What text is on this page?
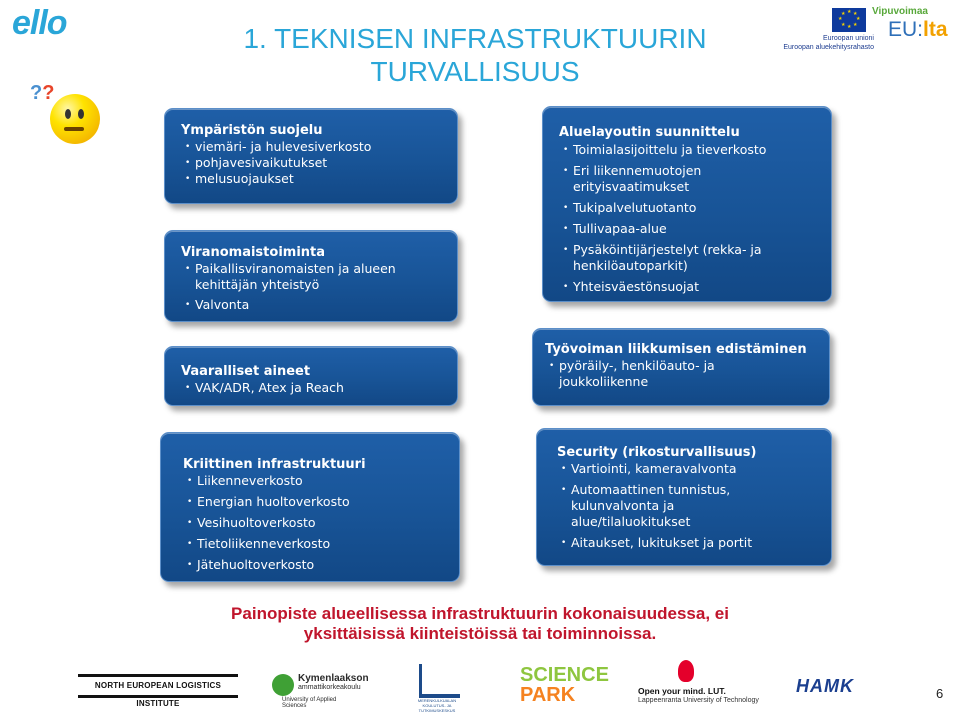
ello	1. TEKNISEN INFRASTRUKTUURIN
TURVALLISUUS
★ ★
★
★
★
★
★
★
Euroopan unioni
Euroopan aluekehitysrahasto
Vipuvoimaa
EU:lta
??
Ympäristön suojelu
• viemäri- ja hulevesiverkosto
• pohjavesivaikutukset
• melusuojaukset
Viranomaistoiminta
• Paikallisviranomaisten ja alueen kehittäjän yhteistyö
• Valvonta
Aluelayoutin suunnittelu
• Toimialasijoittelu ja tieverkosto
• Eri liikennemuotojen erityisvaatimukset
• Tukipalvelutuotanto
• Tullivapaa-alue
• Pysäköintijärjestelyt (rekka- ja henkilöautoparkit)
• Yhteisväestönsuojat
Vaaralliset aineet
• VAK/ADR, Atex ja Reach
Työvoiman liikkumisen edistäminen
• pyöräily-, henkilöauto- ja joukkoliikenne
Kriittinen infrastruktuuri
• Liikenneverkosto
• Energian huoltoverkosto
• Vesihuoltoverkosto
• Tietoliikenneverkosto
• Jätehuoltoverkosto
Security (rikosturvallisuus)
• Vartiointi, kameravalvonta
• Automaattinen tunnistus, kulunvalvonta ja alue/tilaluokitukset
• Aitaukset, lukitukset ja portit
Painopiste alueellisessa infrastruktuurin kokonaisuudessa, ei
yksittäisissä kiinteistöissä tai toiminnoissa.
NORTH EUROPEAN LOGISTICS INSTITUTE
Kymenlaakson
ammattikorkeakoulu
University of Applied Sciences
MERENKULKUALAN KOULUTUS- JA TUTKIMUSKESKUS
SCIENCE
PARK	Open your mind. LUT.
Lappeenranta University of Technology
HAMK	6
